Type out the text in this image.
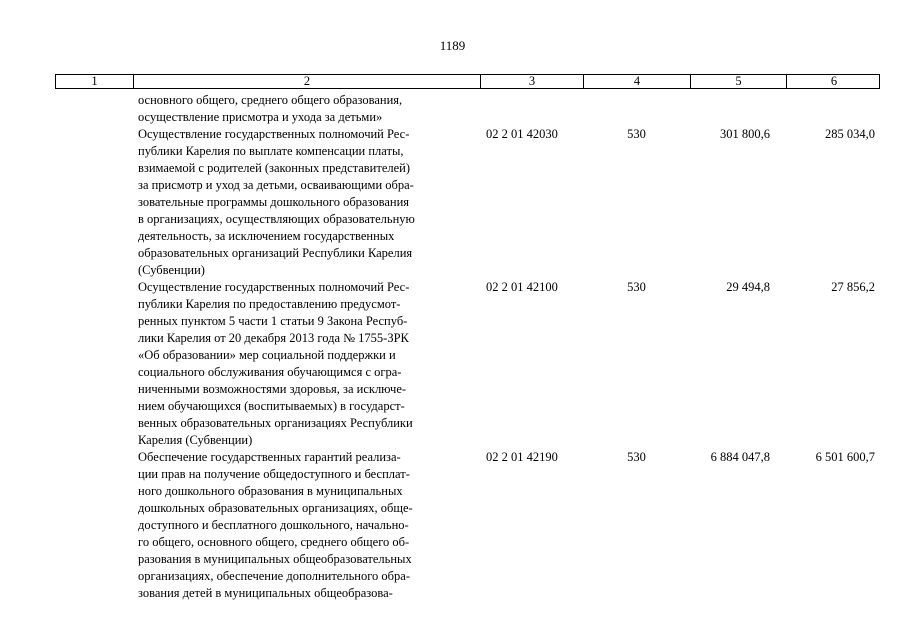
1189
1	2	3	4	5	6
основного общего, среднего общего образования,
осуществление присмотра и ухода за детьми»
Осуществление государственных полномочий Рес-
публики Карелия по выплате компенсации платы,
взимаемой с родителей (законных представителей)
за присмотр и уход за детьми, осваивающими обра-
зовательные программы дошкольного образования
в организациях, осуществляющих образовательную
деятельность, за исключением государственных
образовательных организаций Республики Карелия
(Субвенции)
02 2 01 42030	530	301 800,6	285 034,0
Осуществление государственных полномочий Рес-
публики Карелия по предоставлению предусмот-
ренных пунктом 5 части 1 статьи 9 Закона Респуб-
лики Карелия от 20 декабря 2013 года № 1755-ЗРК
«Об образовании» мер социальной поддержки и
социального обслуживания обучающимся с огра-
ниченными возможностями здоровья, за исключе-
нием обучающихся (воспитываемых) в государст-
венных образовательных организациях Республики
Карелия (Субвенции)
02 2 01 42100	530	29 494,8	27 856,2
Обеспечение государственных гарантий реализа-
ции прав на получение общедоступного и бесплат-
ного дошкольного образования в муниципальных
дошкольных образовательных организациях, обще-
доступного и бесплатного дошкольного, начально-
го общего, основного общего, среднего общего об-
разования в муниципальных общеобразовательных
организациях, обеспечение дополнительного обра-
зования детей в муниципальных общеобразова-
02 2 01 42190	530	6 884 047,8	6 501 600,7
